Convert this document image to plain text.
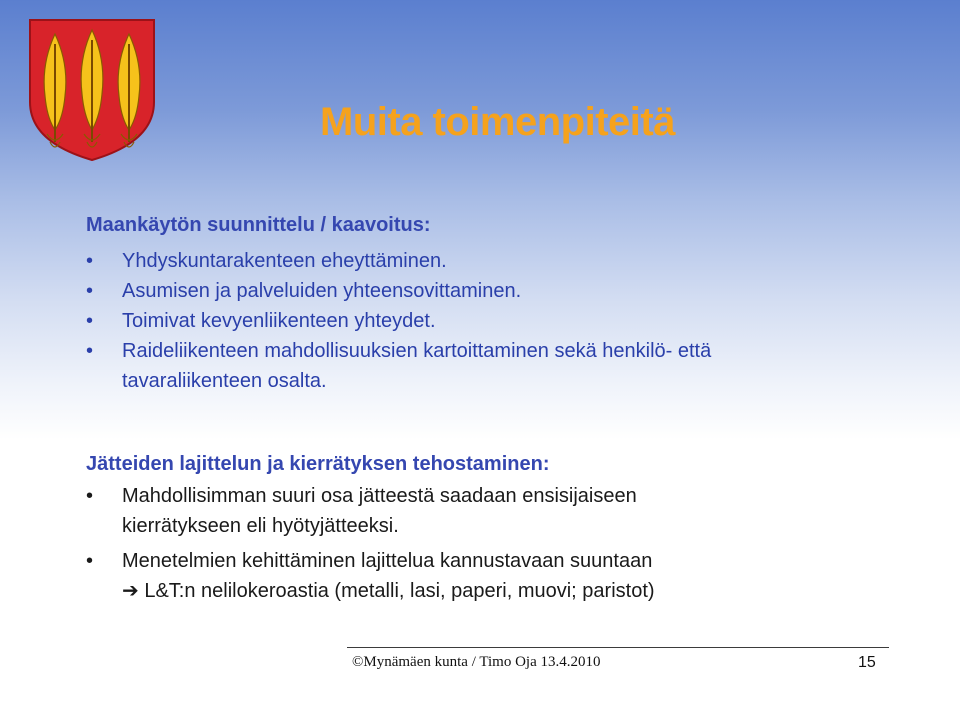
Muita toimenpiteitä
Maankäytön suunnittelu / kaavoitus:
• Yhdyskuntarakenteen eheyttäminen.
• Asumisen ja palveluiden yhteensovittaminen.
• Toimivat kevyenliikenteen yhteydet.
• Raideliikenteen mahdollisuuksien kartoittaminen sekä henkilö- että tavaraliikenteen osalta.
Jätteiden lajittelun ja kierrätyksen tehostaminen:
• Mahdollisimman suuri osa jätteestä saadaan ensisijaiseen kierrätykseen eli hyötyjätteeksi.
• Menetelmien kehittäminen lajittelua kannustavaan suuntaan
➔ L&T:n nelilokeroastia (metalli, lasi, paperi, muovi; paristot)
©Mynämäen kunta / Timo Oja 13.4.2010	15
